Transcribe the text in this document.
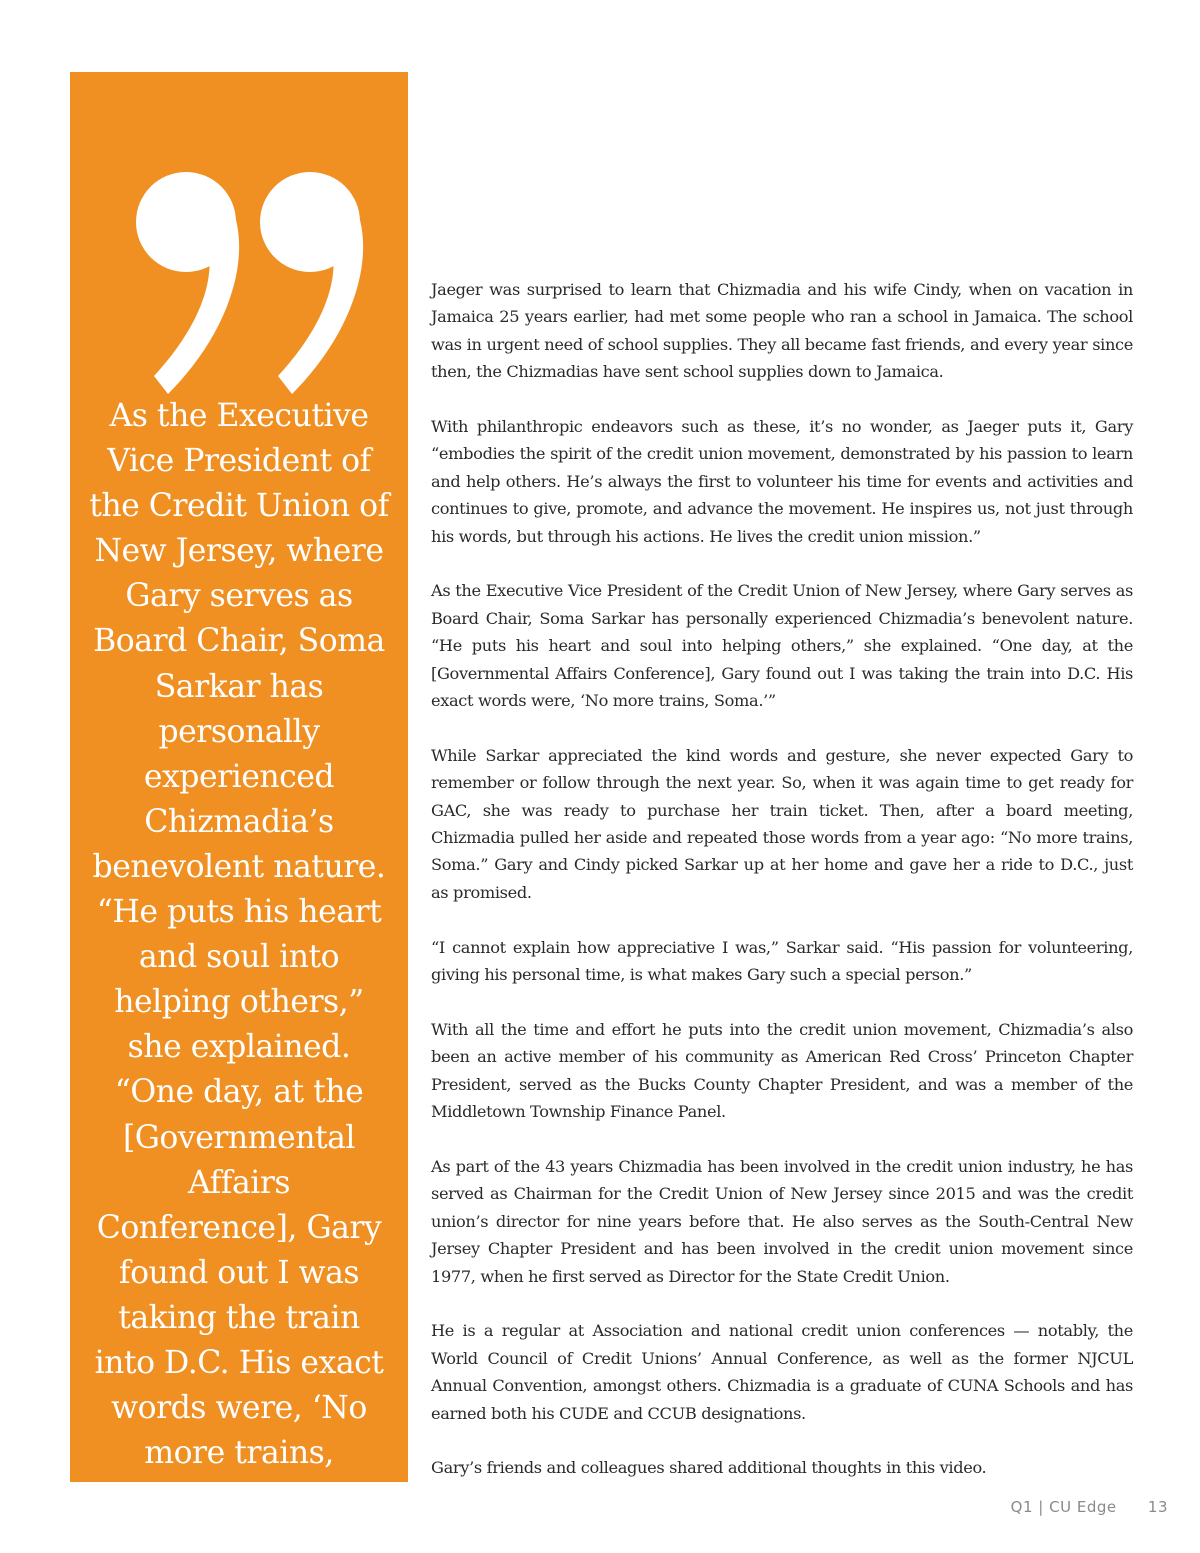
As the Executive Vice President of the Credit Union of New Jersey, where Gary serves as Board Chair, Soma Sarkar has personally experienced Chizmadia’s benevolent nature. “He puts his heart and soul into helping others,” she explained. “One day, at the [Governmental Affairs Conference], Gary found out I was taking the train into D.C. His exact words were, ‘No more trains, Soma.’”

Jaeger was surprised to learn that Chizmadia and his wife Cindy, when on vacation in Jamaica 25 years earlier, had met some people who ran a school in Jamaica. The school was in urgent need of school supplies. They all became fast friends, and every year since then, the Chizmadias have sent school supplies down to Jamaica.

With philanthropic endeavors such as these, it’s no wonder, as Jaeger puts it, Gary “embodies the spirit of the credit union movement, demonstrated by his passion to learn and help others. He’s always the first to volunteer his time for events and activities and continues to give, promote, and advance the movement. He inspires us, not just through his words, but through his actions. He lives the credit union mission.”

As the Executive Vice President of the Credit Union of New Jersey, where Gary serves as Board Chair, Soma Sarkar has personally experienced Chizmadia’s benevolent nature. “He puts his heart and soul into helping others,” she explained. “One day, at the [Governmental Affairs Conference], Gary found out I was taking the train into D.C. His exact words were, ‘No more trains, Soma.’”

While Sarkar appreciated the kind words and gesture, she never expected Gary to remember or follow through the next year. So, when it was again time to get ready for GAC, she was ready to purchase her train ticket. Then, after a board meeting, Chizmadia pulled her aside and repeated those words from a year ago: “No more trains, Soma.” Gary and Cindy picked Sarkar up at her home and gave her a ride to D.C., just as promised.

“I cannot explain how appreciative I was,” Sarkar said. “His passion for volunteering, giving his personal time, is what makes Gary such a special person.”

With all the time and effort he puts into the credit union movement, Chizmadia’s also been an active member of his community as American Red Cross’ Princeton Chapter President, served as the Bucks County Chapter President, and was a member of the Middletown Township Finance Panel.

As part of the 43 years Chizmadia has been involved in the credit union industry, he has served as Chairman for the Credit Union of New Jersey since 2015 and was the credit union’s director for nine years before that. He also serves as the South-Central New Jersey Chapter President and has been involved in the credit union movement since 1977, when he first served as Director for the State Credit Union.

He is a regular at Association and national credit union conferences — notably, the World Council of Credit Unions’ Annual Conference, as well as the former NJCUL Annual Convention, amongst others. Chizmadia is a graduate of CUNA Schools and has earned both his CUDE and CCUB designations.

Gary’s friends and colleagues shared additional thoughts in this video.

Q1 | CU Edge 13
